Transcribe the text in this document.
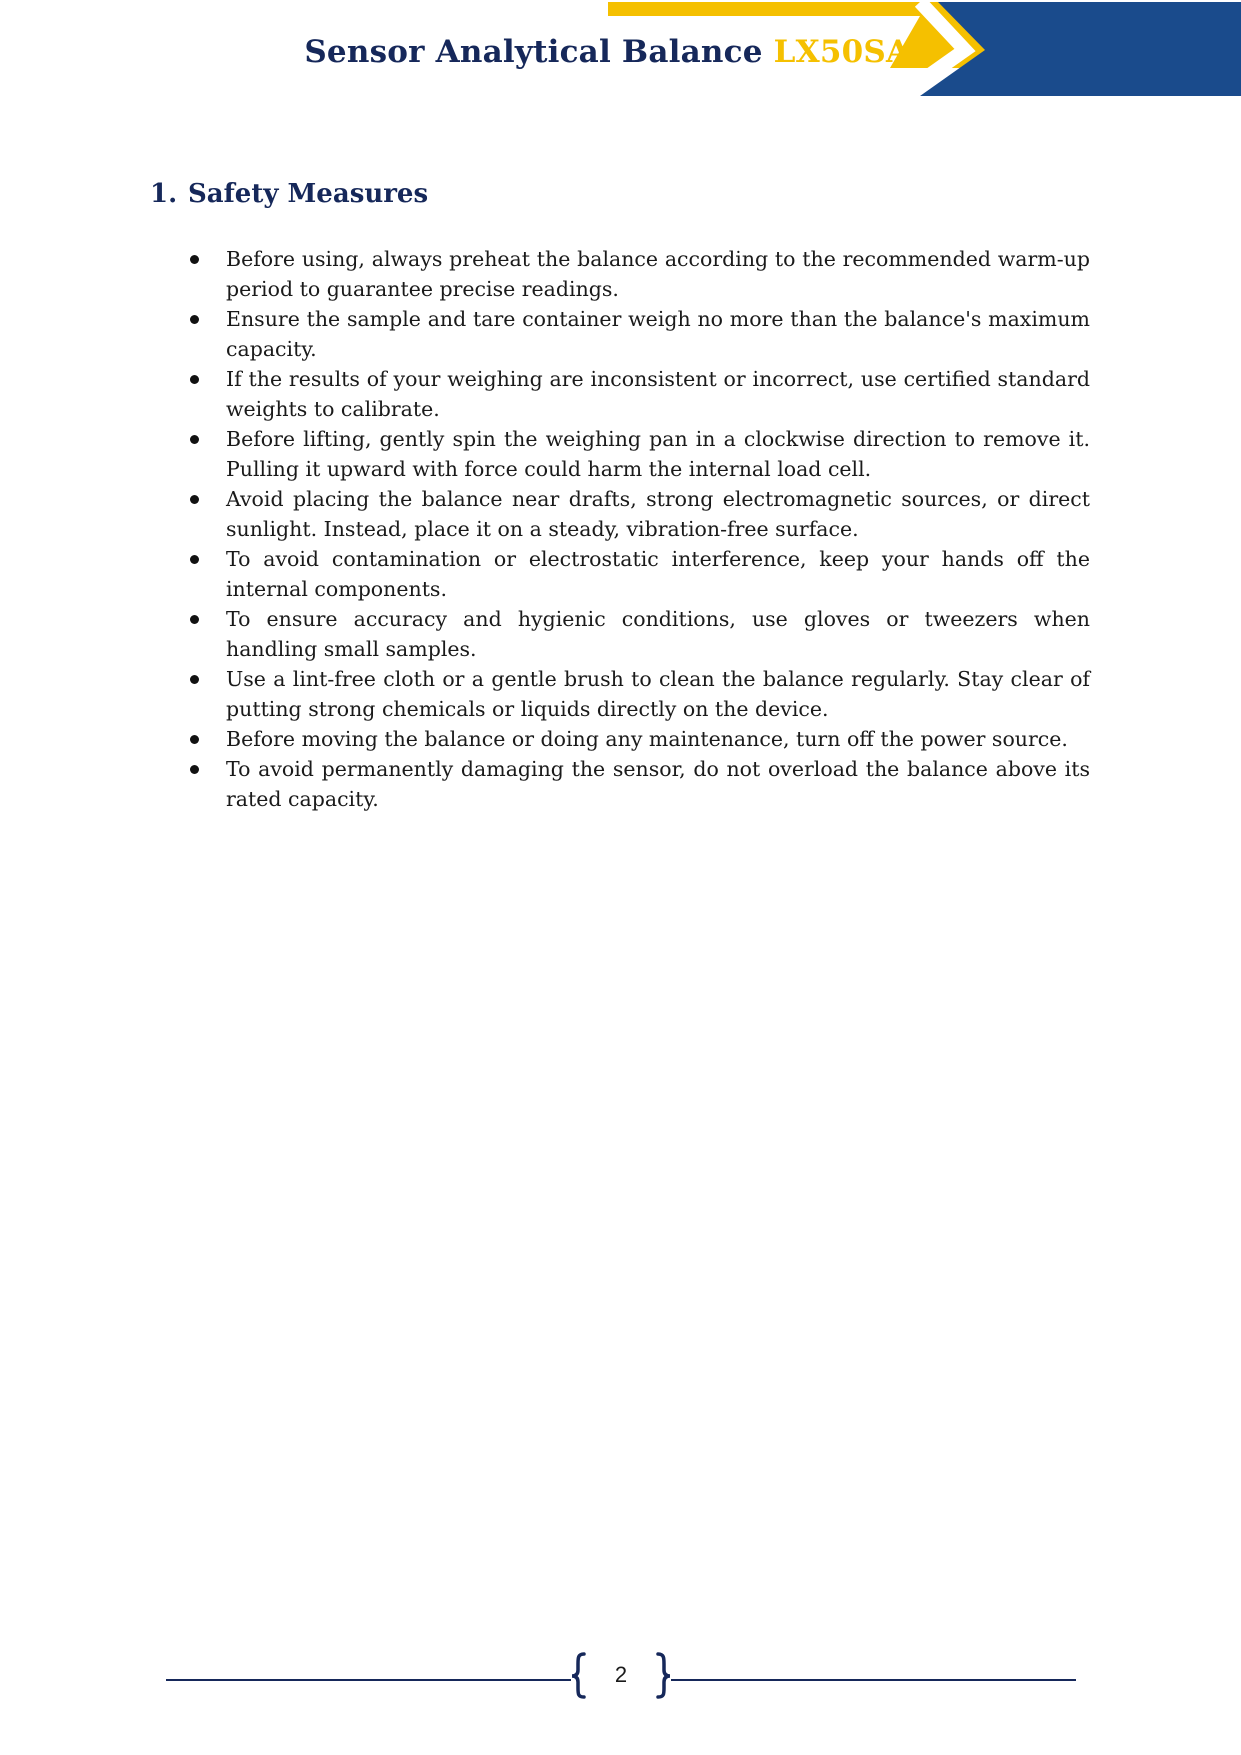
Sensor Analytical Balance LX50SAB
1. Safety Measures
Before using, always preheat the balance according to the recommended warm-up period to guarantee precise readings.
Ensure the sample and tare container weigh no more than the balance's maximum capacity.
If the results of your weighing are inconsistent or incorrect, use certified standard weights to calibrate.
Before lifting, gently spin the weighing pan in a clockwise direction to remove it. Pulling it upward with force could harm the internal load cell.
Avoid placing the balance near drafts, strong electromagnetic sources, or direct sunlight. Instead, place it on a steady, vibration-free surface.
To avoid contamination or electrostatic interference, keep your hands off the internal components.
To ensure accuracy and hygienic conditions, use gloves or tweezers when handling small samples.
Use a lint-free cloth or a gentle brush to clean the balance regularly. Stay clear of putting strong chemicals or liquids directly on the device.
Before moving the balance or doing any maintenance, turn off the power source.
To avoid permanently damaging the sensor, do not overload the balance above its rated capacity.
2
